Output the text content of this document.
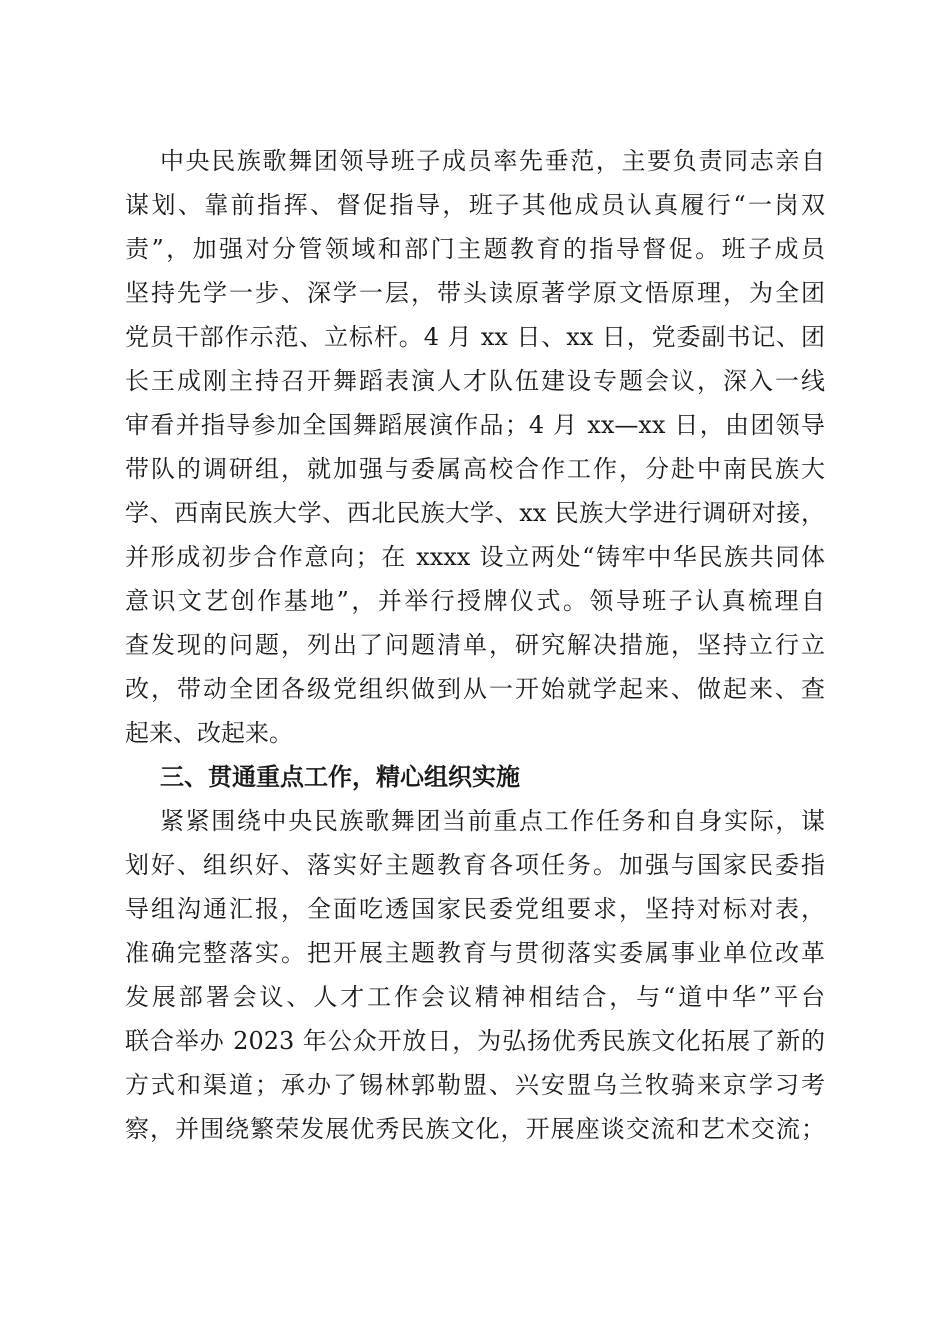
中央民族歌舞团领导班子成员率先垂范，主要负责同志亲自
谋划、靠前指挥、督促指导，班子其他成员认真履行“一岗双
责”，加强对分管领域和部门主题教育的指导督促。班子成员
坚持先学一步、深学一层，带头读原著学原文悟原理，为全团
党员干部作示范、立标杆。4 月 xx 日、xx 日，党委副书记、团
长王成刚主持召开舞蹈表演人才队伍建设专题会议，深入一线
审看并指导参加全国舞蹈展演作品；4 月 xx—xx 日，由团领导
带队的调研组，就加强与委属高校合作工作，分赴中南民族大
学、西南民族大学、西北民族大学、xx 民族大学进行调研对接，
并形成初步合作意向；在 xxxx 设立两处“铸牢中华民族共同体
意识文艺创作基地”，并举行授牌仪式。领导班子认真梳理自
查发现的问题，列出了问题清单，研究解决措施，坚持立行立
改，带动全团各级党组织做到从一开始就学起来、做起来、查
起来、改起来。
三、贯通重点工作，精心组织实施
紧紧围绕中央民族歌舞团当前重点工作任务和自身实际，谋
划好、组织好、落实好主题教育各项任务。加强与国家民委指
导组沟通汇报，全面吃透国家民委党组要求，坚持对标对表，
准确完整落实。把开展主题教育与贯彻落实委属事业单位改革
发展部署会议、人才工作会议精神相结合，与“道中华”平台
联合举办 2023 年公众开放日，为弘扬优秀民族文化拓展了新的
方式和渠道；承办了锡林郭勒盟、兴安盟乌兰牧骑来京学习考
察，并围绕繁荣发展优秀民族文化，开展座谈交流和艺术交流；
